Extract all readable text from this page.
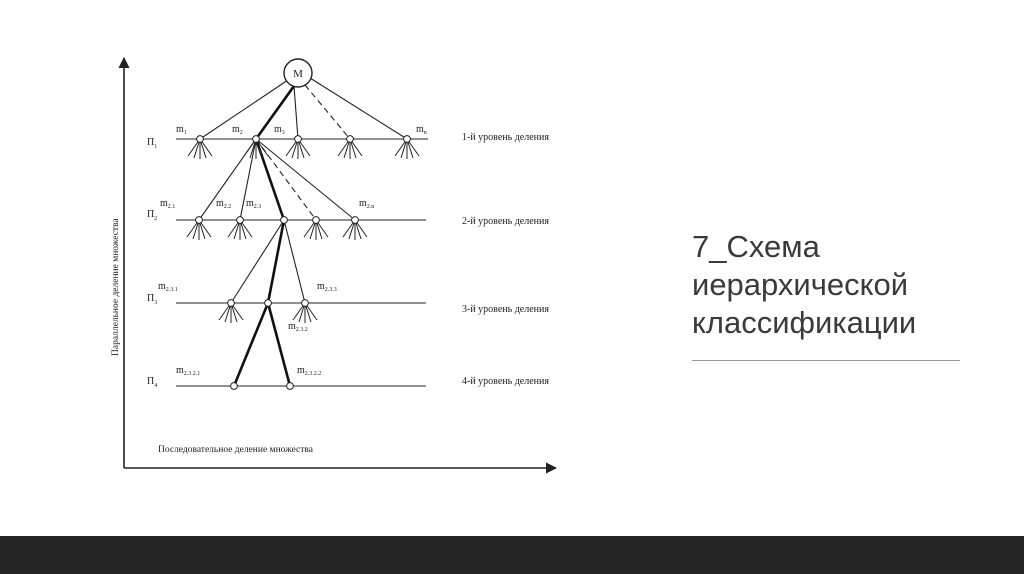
Параллельное деление множества
Последовательное деление множества
М
$П_1$
$П_2$
$П_3$
$П_4$
$m_1$	$m_2$	$m_3$	$m_n$
$m_{2.1}$	$m_{2.2}$ $m_{2.3}$	$m_{2.n}$
$m_{2.3.1}$	$m_{2.3.3}$
$m_{2.3.2}$
$m_{2.3.2.1}$	$m_{2.3.2.2}$
1-й уровень деления
2-й уровень деления
3-й уровень деления
4-й уровень деления
7_Схема
иерархической
классификации
